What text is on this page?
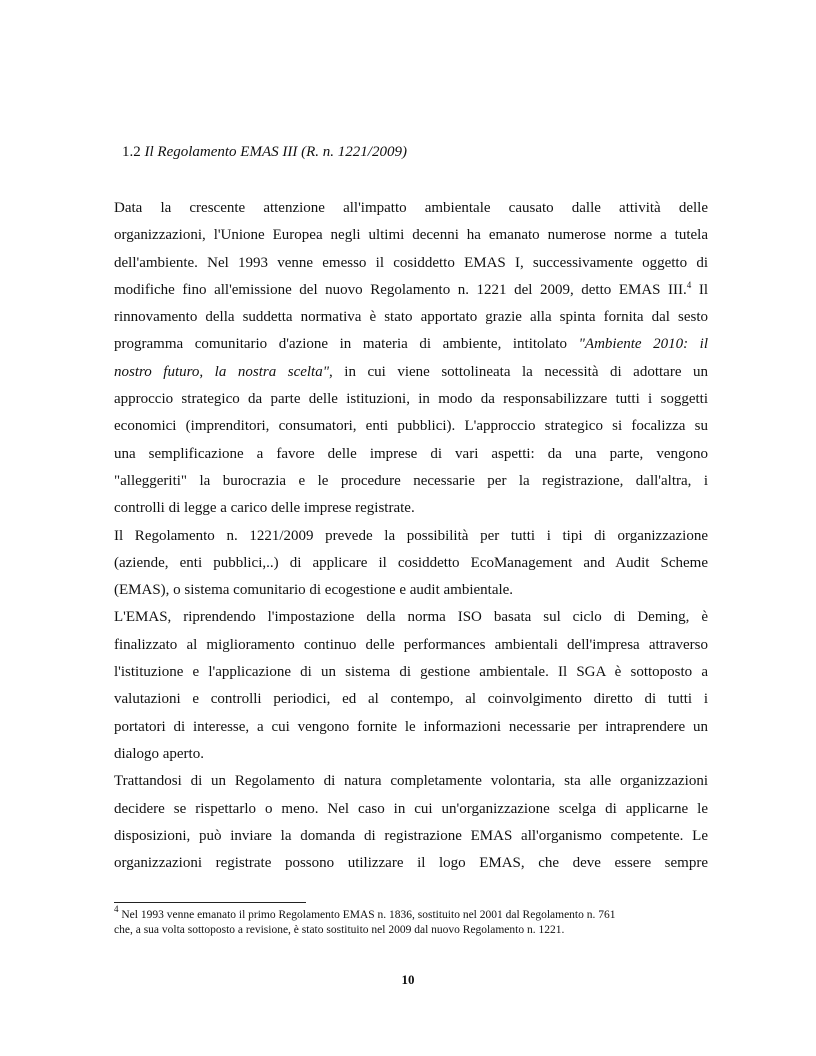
1.2 Il Regolamento EMAS III (R. n. 1221/2009)

Data la crescente attenzione all'impatto ambientale causato dalle attività delle
organizzazioni, l'Unione Europea negli ultimi decenni ha emanato numerose norme a tutela
dell'ambiente. Nel 1993 venne emesso il cosiddetto EMAS I, successivamente oggetto di
modifiche fino all'emissione del nuovo Regolamento n. 1221 del 2009, detto EMAS III.$^4$ Il
rinnovamento della suddetta normativa è stato apportato grazie alla spinta fornita dal sesto
programma comunitario d'azione in materia di ambiente, intitolato "Ambiente 2010: il
nostro futuro, la nostra scelta", in cui viene sottolineata la necessità di adottare un
approccio strategico da parte delle istituzioni, in modo da responsabilizzare tutti i soggetti
economici (imprenditori, consumatori, enti pubblici). L'approccio strategico si focalizza su
una semplificazione a favore delle imprese di vari aspetti: da una parte, vengono
"alleggeriti" la burocrazia e le procedure necessarie per la registrazione, dall'altra, i
controlli di legge a carico delle imprese registrate.

Il Regolamento n. 1221/2009 prevede la possibilità per tutti i tipi di organizzazione
(aziende, enti pubblici,..) di applicare il cosiddetto EcoManagement and Audit Scheme
(EMAS), o sistema comunitario di ecogestione e audit ambientale.

L'EMAS, riprendendo l'impostazione della norma ISO basata sul ciclo di Deming, è
finalizzato al miglioramento continuo delle performances ambientali dell'impresa attraverso
l'istituzione e l'applicazione di un sistema di gestione ambientale. Il SGA è sottoposto a
valutazioni e controlli periodici, ed al contempo, al coinvolgimento diretto di tutti i
portatori di interesse, a cui vengono fornite le informazioni necessarie per intraprendere un
dialogo aperto.

Trattandosi di un Regolamento di natura completamente volontaria, sta alle organizzazioni
decidere se rispettarlo o meno. Nel caso in cui un'organizzazione scelga di applicarne le
disposizioni, può inviare la domanda di registrazione EMAS all'organismo competente. Le
organizzazioni registrate possono utilizzare il logo EMAS, che deve essere sempre

$^4$ Nel 1993 venne emanato il primo Regolamento EMAS n. 1836, sostituito nel 2001 dal Regolamento n. 761
che, a sua volta sottoposto a revisione, è stato sostituito nel 2009 dal nuovo Regolamento n. 1221.
10
